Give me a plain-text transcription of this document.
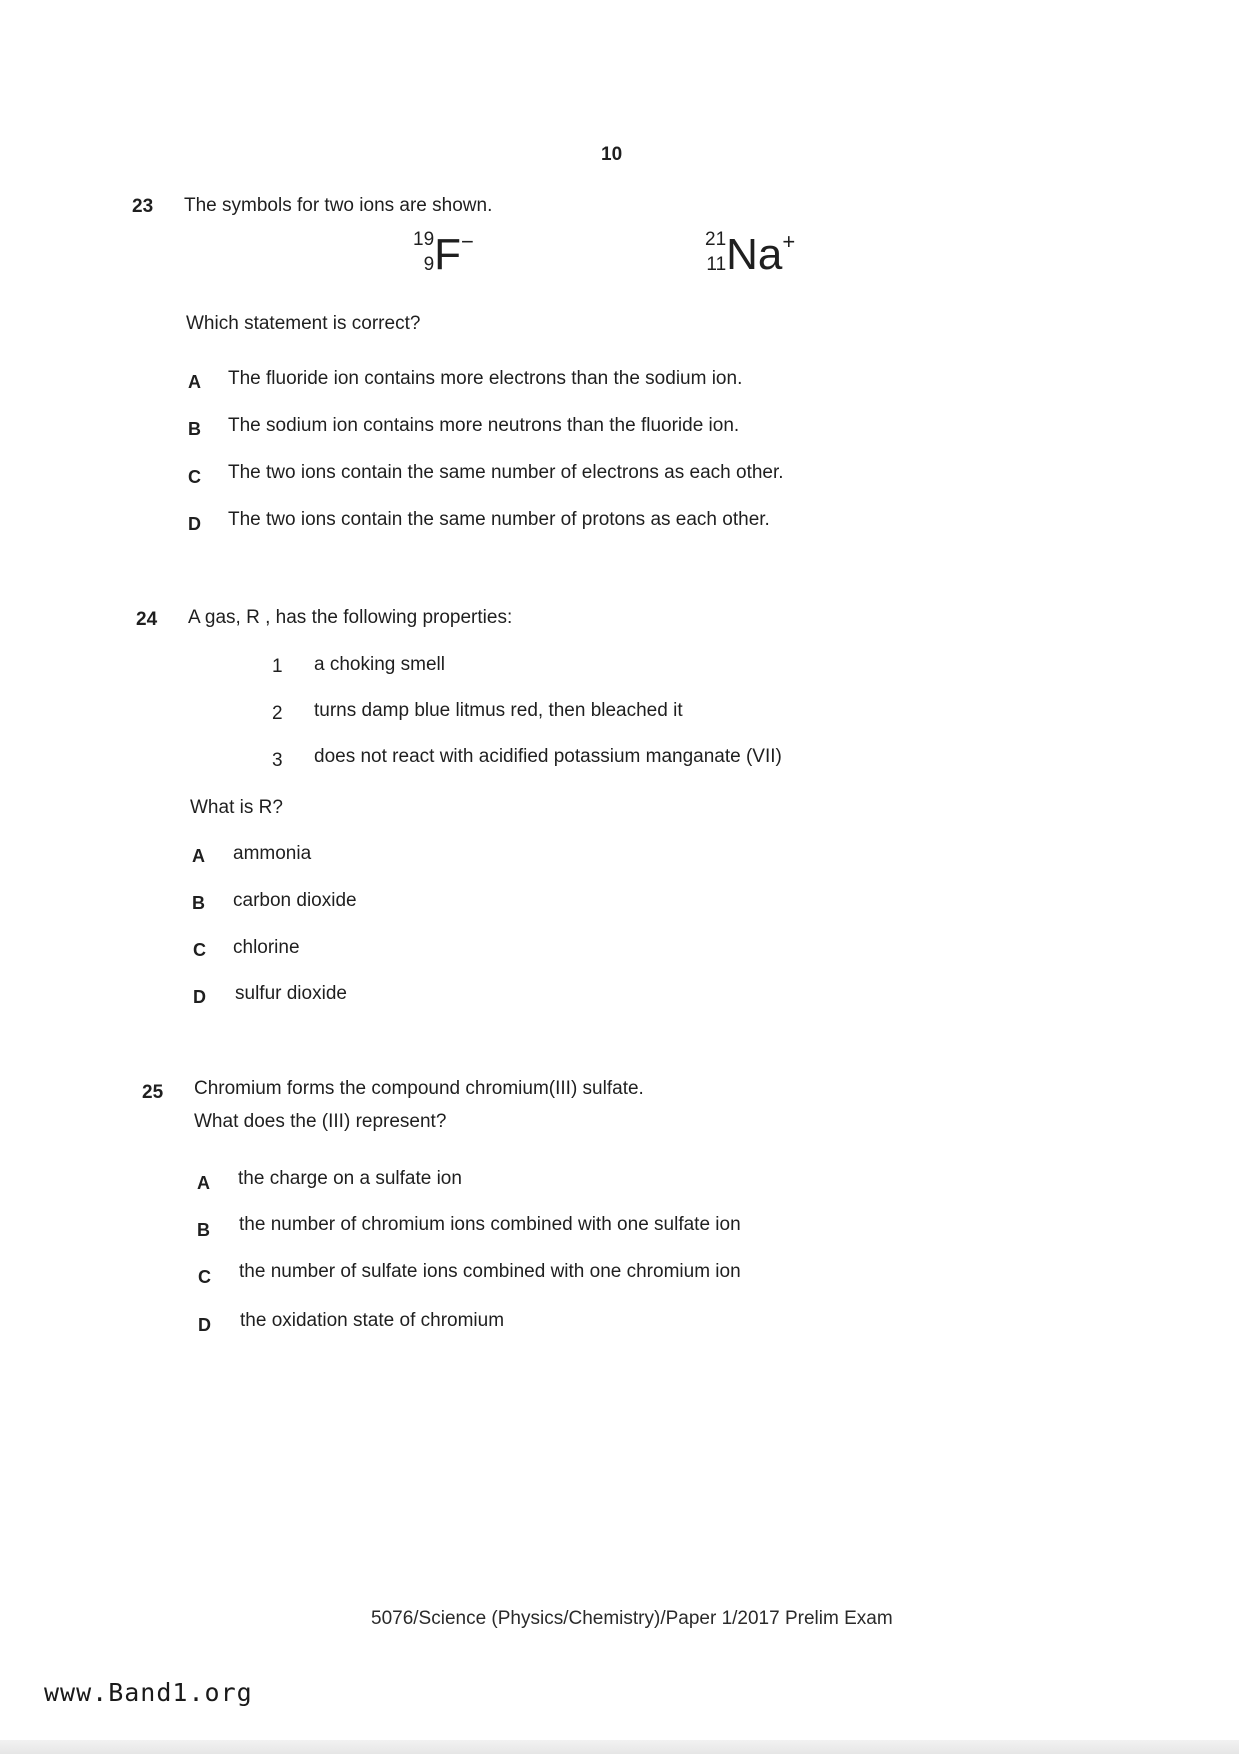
10
23 The symbols for two ions are shown.
19
9 F−	21
11 Na+
Which statement is correct?
A The fluoride ion contains more electrons than the sodium ion.
B The sodium ion contains more neutrons than the fluoride ion.
C The two ions contain the same number of electrons as each other.
D The two ions contain the same number of protons as each other.
24 A gas, R , has the following properties:
1 a choking smell
2 turns damp blue litmus red, then bleached it
3 does not react with acidified potassium manganate (VII)
What is R?
A ammonia
B carbon dioxide
C chlorine
D sulfur dioxide
25 Chromium forms the compound chromium(III) sulfate.
What does the (III) represent?
A the charge on a sulfate ion
B the number of chromium ions combined with one sulfate ion
C the number of sulfate ions combined with one chromium ion
D the oxidation state of chromium
5076/Science (Physics/Chemistry)/Paper 1/2017 Prelim Exam
www.Band1.org
